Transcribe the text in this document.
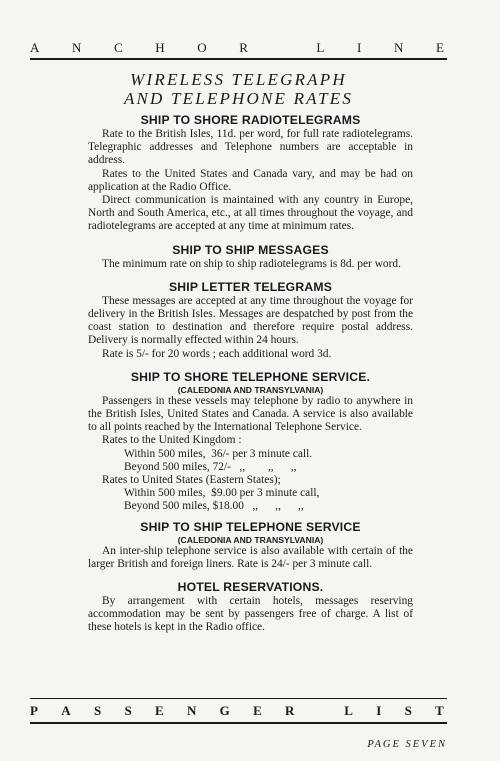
A N C H O R
	L I N E
WIRELESS TELEGRAPH
AND TELEPHONE RATES
SHIP TO SHORE RADIOTELEGRAMS

Rate to the British Isles, 11d. per word, for full rate radiotelegrams. Telegraphic addresses and Telephone numbers are acceptable in address.

Rates to the United States and Canada vary, and may be had on application at the Radio Office.

Direct communication is maintained with any country in Europe, North and South America, etc., at all times throughout the voyage, and radiotelegrams are accepted at any time at minimum rates.

SHIP TO SHIP MESSAGES

The minimum rate on ship to ship radiotelegrams is 8d. per word.

SHIP LETTER TELEGRAMS

These messages are accepted at any time throughout the voyage for delivery in the British Isles. Messages are despatched by post from the coast station to destination and therefore require postal address. Delivery is normally effected within 24 hours.

Rate is 5/- for 20 words ; each additional word 3d.

SHIP TO SHORE TELEPHONE SERVICE.
(CALEDONIA AND TRANSYLVANIA)

Passengers in these vessels may telephone by radio to anywhere in the British Isles, United States and Canada. A service is also available to all points reached by the International Telephone Service.

Rates to the United Kingdom :
Within 500 miles,  36/- per 3 minute call.
Beyond 500 miles, 72/-   ,,        ,,      ,,
Rates to United States (Eastern States);
Within 500 miles,  $9.00 per 3 minute call,
Beyond 500 miles, $18.00   ,,      ,,      ,,
SHIP TO SHIP TELEPHONE SERVICE
(CALEDONIA AND TRANSYLVANIA)

An inter-ship telephone service is also available with certain of the larger British and foreign liners. Rate is 24/- per 3 minute call.

HOTEL RESERVATIONS.

By arrangement with certain hotels, messages reserving accommodation may be sent by passengers free of charge. A list of these hotels is kept in the Radio office.

P A S S E N G E R
	L I S T
PAGE SEVEN
